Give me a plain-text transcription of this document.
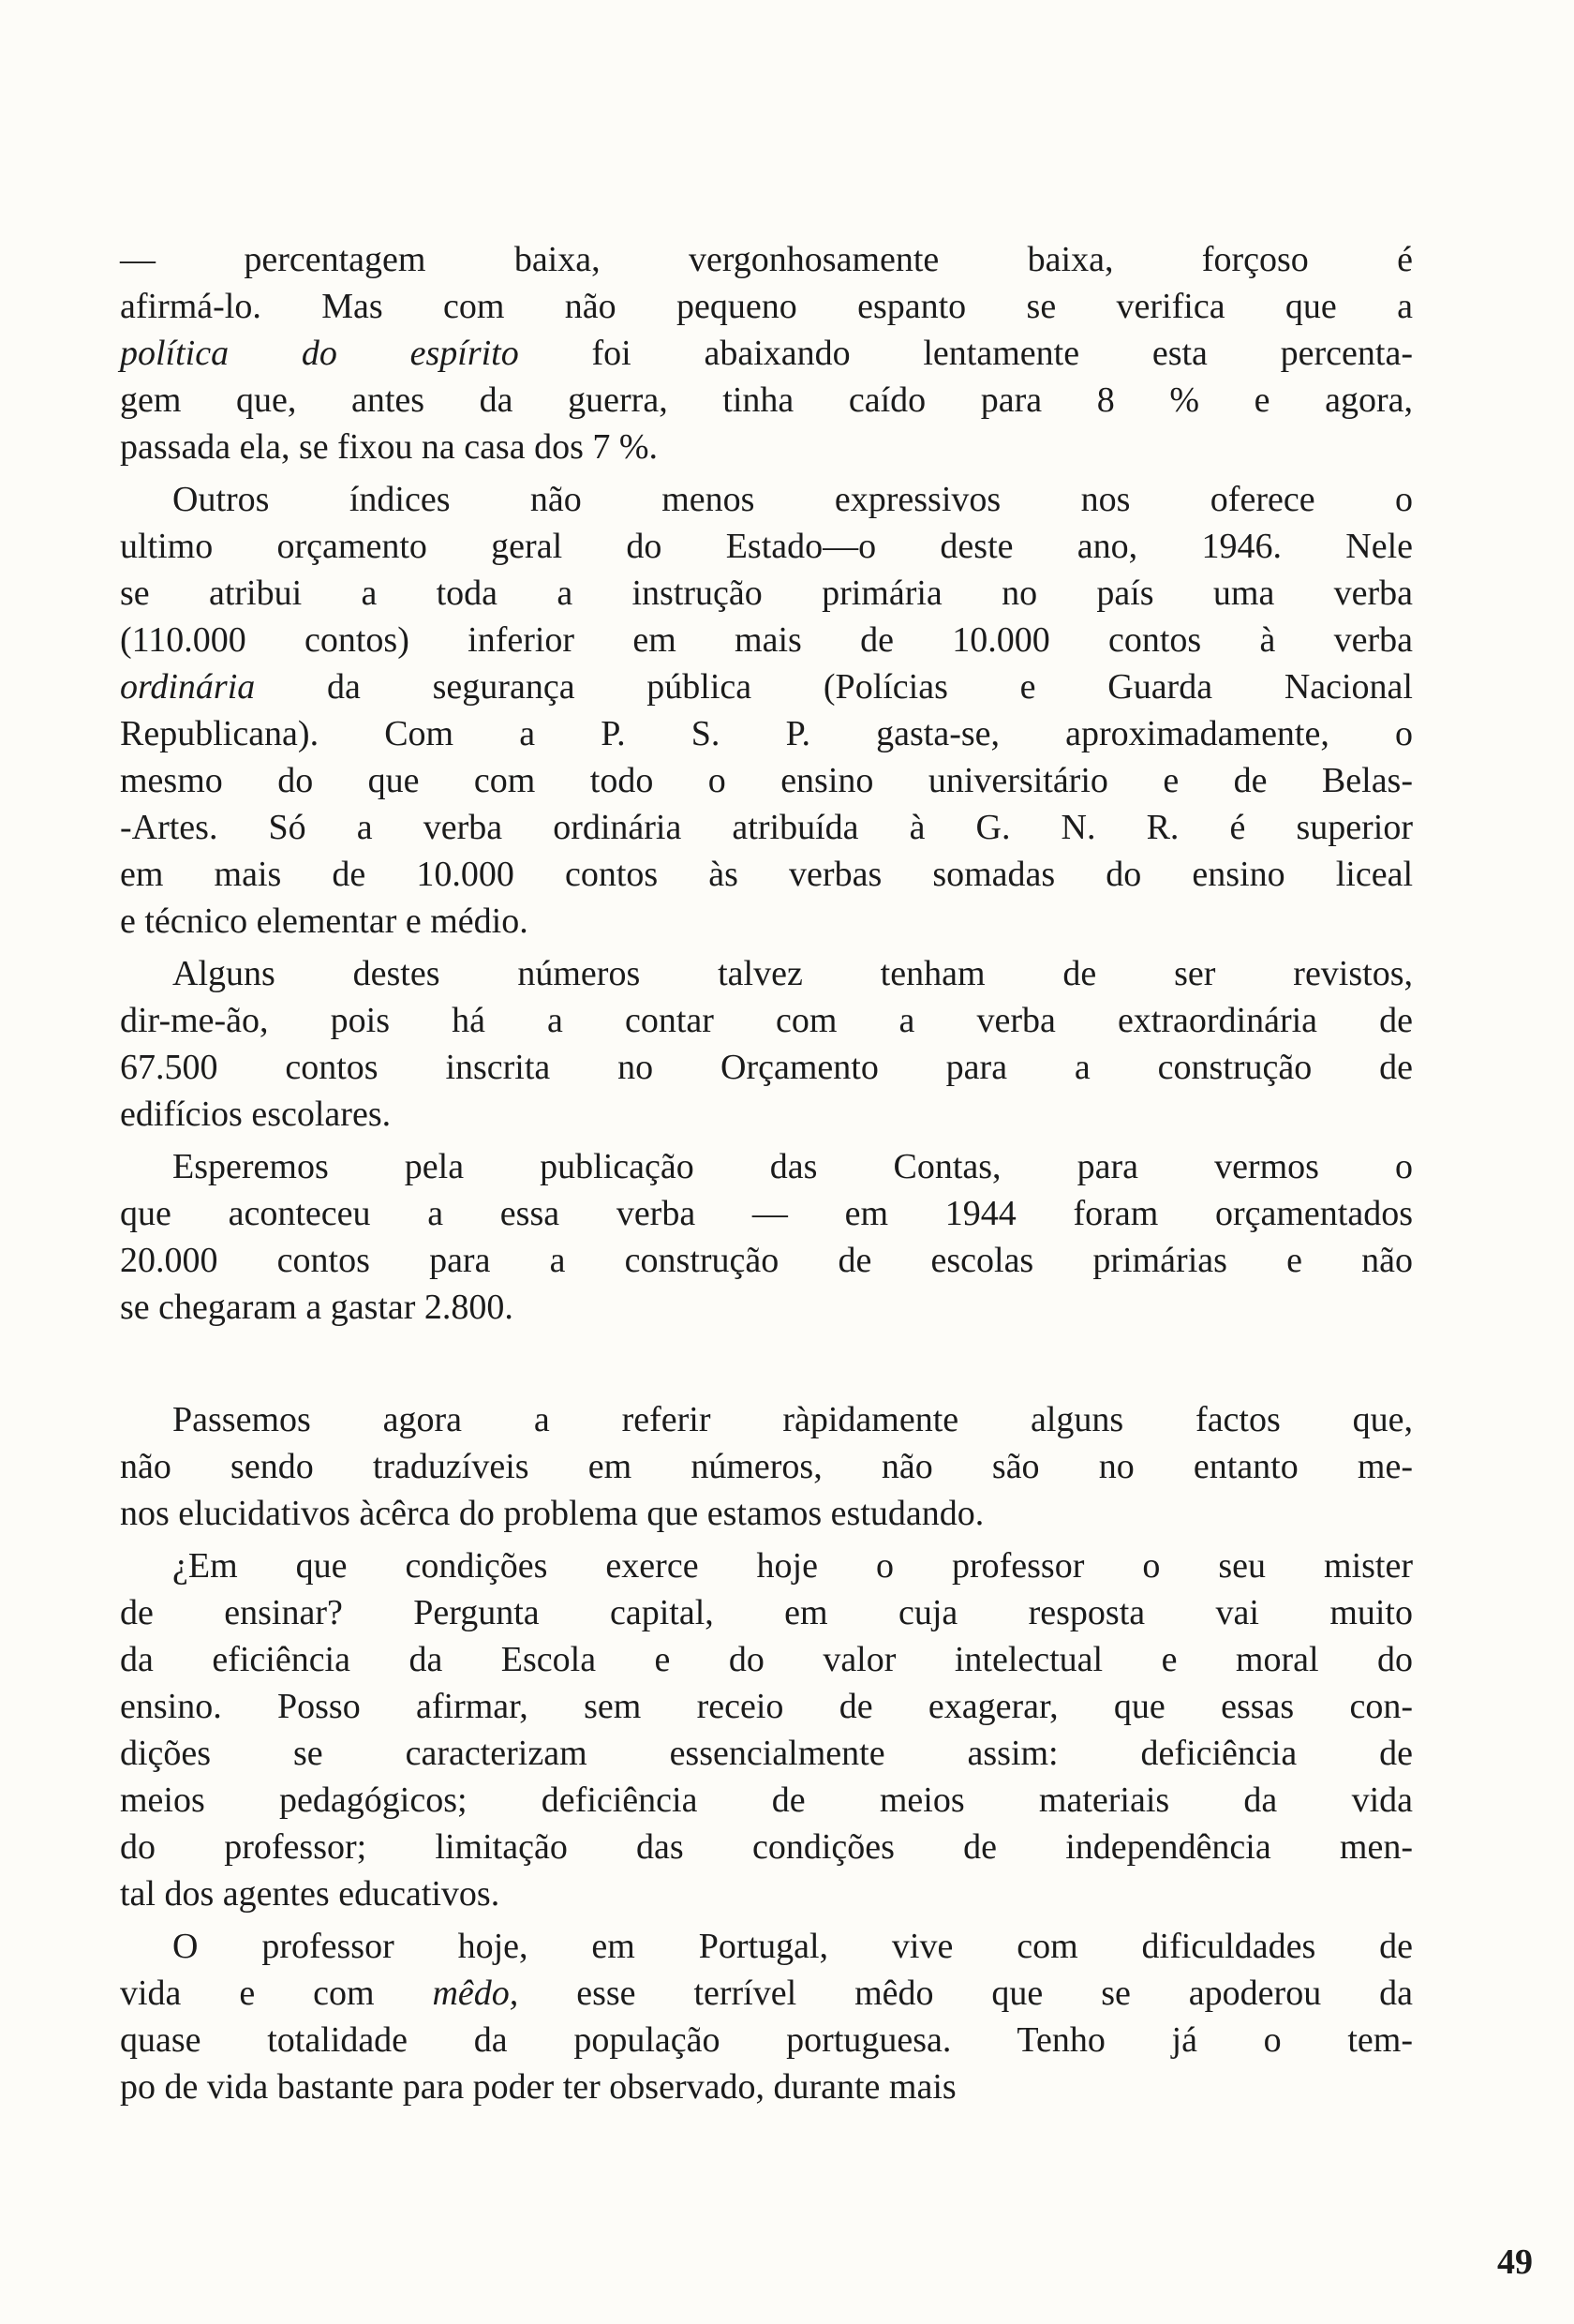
— percentagem baixa, vergonhosamente baixa, forçoso é
afirmá-lo. Mas com não pequeno espanto se verifica que a
política do espírito foi abaixando lentamente esta percenta-
gem que, antes da guerra, tinha caído para 8 % e agora,
passada ela, se fixou na casa dos 7 %.
Outros índices não menos expressivos nos oferece o
ultimo orçamento geral do Estado—o deste ano, 1946. Nele
se atribui a toda a instrução primária no país uma verba
(110.000 contos) inferior em mais de 10.000 contos à verba
ordinária da segurança pública (Polícias e Guarda Nacional
Republicana). Com a P. S. P. gasta-se, aproximadamente, o
mesmo do que com todo o ensino universitário e de Belas-
-Artes. Só a verba ordinária atribuída à G. N. R. é superior
em mais de 10.000 contos às verbas somadas do ensino liceal
e técnico elementar e médio.
Alguns destes números talvez tenham de ser revistos,
dir-me-ão, pois há a contar com a verba extraordinária de
67.500 contos inscrita no Orçamento para a construção de
edifícios escolares.
Esperemos pela publicação das Contas, para vermos o
que aconteceu a essa verba — em 1944 foram orçamentados
20.000 contos para a construção de escolas primárias e não
se chegaram a gastar 2.800.
Passemos agora a referir ràpidamente alguns factos que,
não sendo traduzíveis em números, não são no entanto me-
nos elucidativos àcêrca do problema que estamos estudando.
¿Em que condições exerce hoje o professor o seu mister
de ensinar? Pergunta capital, em cuja resposta vai muito
da eficiência da Escola e do valor intelectual e moral do
ensino. Posso afirmar, sem receio de exagerar, que essas con-
dições se caracterizam essencialmente assim: deficiência de
meios pedagógicos; deficiência de meios materiais da vida
do professor; limitação das condições de independência men-
tal dos agentes educativos.
O professor hoje, em Portugal, vive com dificuldades de
vida e com mêdo, esse terrível mêdo que se apoderou da
quase totalidade da população portuguesa. Tenho já o tem-
po de vida bastante para poder ter observado, durante mais
49
